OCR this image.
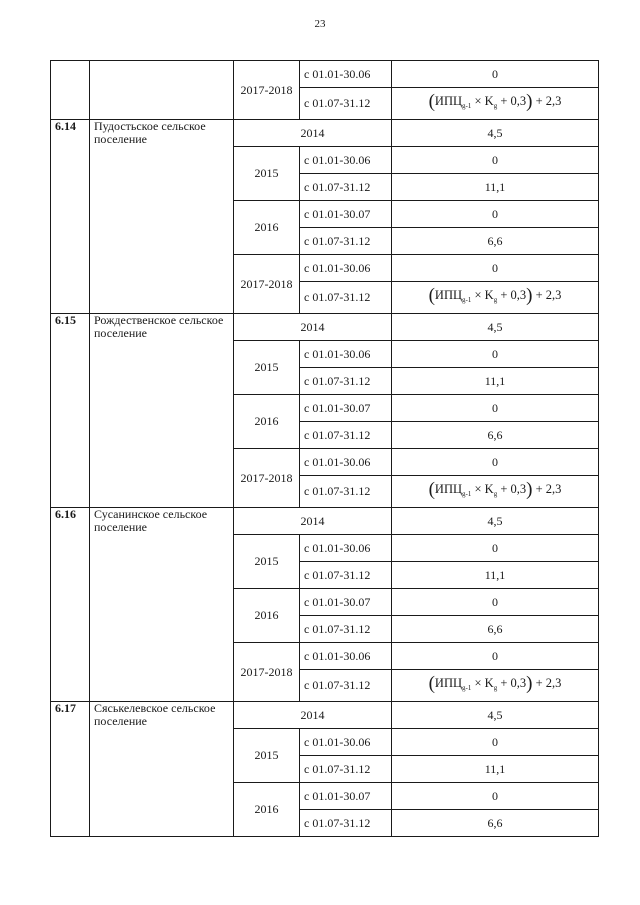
23
		2017-2018	с 01.01-30.06	0
			с 01.07-31.12	$(ИПЦ_{g-1} \times K_g + 0,3) + 2,3$
6.14	Пудостьское сельское поселение	2014		4,5
		2015	с 01.01-30.06	0
			с 01.07-31.12	11,1
		2016	с 01.01-30.07	0
			с 01.07-31.12	6,6
		2017-2018	с 01.01-30.06	0
			с 01.07-31.12	$(ИПЦ_{g-1} \times K_g + 0,3) + 2,3$
6.15	Рождественское сельское поселение	2014		4,5
		2015	с 01.01-30.06	0
			с 01.07-31.12	11,1
		2016	с 01.01-30.07	0
			с 01.07-31.12	6,6
		2017-2018	с 01.01-30.06	0
			с 01.07-31.12	$(ИПЦ_{g-1} \times K_g + 0,3) + 2,3$
6.16	Сусанинское сельское поселение	2014		4,5
		2015	с 01.01-30.06	0
			с 01.07-31.12	11,1
		2016	с 01.01-30.07	0
			с 01.07-31.12	6,6
		2017-2018	с 01.01-30.06	0
			с 01.07-31.12	$(ИПЦ_{g-1} \times K_g + 0,3) + 2,3$
6.17	Сяськелевское сельское поселение	2014		4,5
		2015	с 01.01-30.06	0
			с 01.07-31.12	11,1
		2016	с 01.01-30.07	0
			с 01.07-31.12	6,6
